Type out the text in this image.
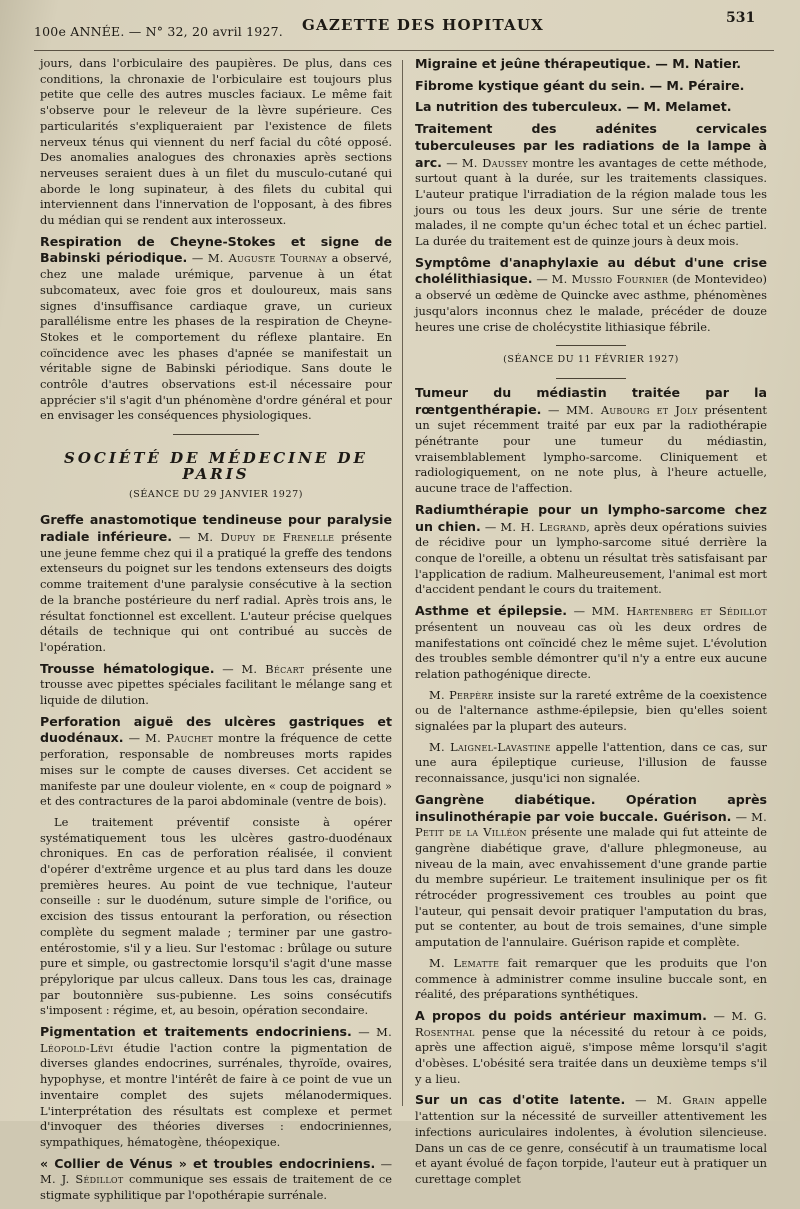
100e ANNÉE. — N° 32, 20 avril 1927. GAZETTE DES HOPITAUX	531

jours, dans l'orbiculaire des paupières. De plus, dans ces conditions, la chronaxie de l'orbiculaire est toujours plus petite que celle des autres muscles faciaux. Le même fait s'observe pour le releveur de la lèvre supérieure. Ces particularités s'expliqueraient par l'existence de filets nerveux ténus qui viennent du nerf facial du côté opposé. Des anomalies analogues des chronaxies après sections nerveuses seraient dues à un filet du musculo-cutané qui aborde le long supinateur, à des filets du cubital qui interviennent dans l'innervation de l'opposant, à des fibres du médian qui se rendent aux interosseux.

Respiration de Cheyne-Stokes et signe de Babinski périodique. — M. Auguste Tournay a observé, chez une malade urémique, parvenue à un état subcomateux, avec foie gros et douloureux, mais sans signes d'insuffisance cardiaque grave, un curieux parallélisme entre les phases de la respiration de Cheyne-Stokes et le comportement du réflexe plantaire. En coïncidence avec les phases d'apnée se manifestait un véritable signe de Babinski périodique. Sans doute le contrôle d'autres observations est-il nécessaire pour apprécier s'il s'agit d'un phénomène d'ordre général et pour en envisager les conséquences physiologiques.

SOCIÉTÉ DE MÉDECINE DE PARIS
(SÉANCE DU 29 JANVIER 1927)

Greffe anastomotique tendineuse pour paralysie radiale inférieure. — M. Dupuy de Frenelle présente une jeune femme chez qui il a pratiqué la greffe des tendons extenseurs du poignet sur les tendons extenseurs des doigts comme traitement d'une paralysie consécutive à la section de la branche postérieure du nerf radial. Après trois ans, le résultat fonctionnel est excellent. L'auteur précise quelques détails de technique qui ont contribué au succès de l'opération.

Trousse hématologique. — M. Bécart présente une trousse avec pipettes spéciales facilitant le mélange sang et liquide de dilution.

Perforation aiguë des ulcères gastriques et duodénaux. — M. Pauchet montre la fréquence de cette perforation, responsable de nombreuses morts rapides mises sur le compte de causes diverses. Cet accident se manifeste par une douleur violente, en « coup de poignard » et des contractures de la paroi abdominale (ventre de bois).

Le traitement préventif consiste à opérer systématiquement tous les ulcères gastro-duodénaux chroniques. En cas de perforation réalisée, il convient d'opérer d'extrême urgence et au plus tard dans les douze premières heures. Au point de vue technique, l'auteur conseille : sur le duodénum, suture simple de l'orifice, ou excision des tissus entourant la perforation, ou résection complète du segment malade ; terminer par une gastro-entérostomie, s'il y a lieu. Sur l'estomac : brûlage ou suture pure et simple, ou gastrectomie lorsqu'il s'agit d'une masse prépylorique par ulcus calleux. Dans tous les cas, drainage par boutonnière sus-pubienne. Les soins consécutifs s'imposent : régime, et, au besoin, opération secondaire.

Pigmentation et traitements endocriniens. — M. Léopold-Lévi étudie l'action contre la pigmentation de diverses glandes endocrines, surrénales, thyroïde, ovaires, hypophyse, et montre l'intérêt de faire à ce point de vue un inventaire complet des sujets mélanodermiques. L'interprétation des résultats est complexe et permet d'invoquer des théories diverses : endocriniennes, sympathiques, hématogène, théopexique.

« Collier de Vénus » et troubles endocriniens. — M. J. Sédillot communique ses essais de traitement de ce stigmate syphilitique par l'opothérapie surrénale.

Migraine et jeûne thérapeutique. — M. Natier.

Fibrome kystique géant du sein. — M. Péraire.

La nutrition des tuberculeux. — M. Melamet.

Traitement des adénites cervicales tuberculeuses par les radiations de la lampe à arc. — M. Daussey montre les avantages de cette méthode, surtout quant à la durée, sur les traitements classiques. L'auteur pratique l'irradiation de la région malade tous les jours ou tous les deux jours. Sur une série de trente malades, il ne compte qu'un échec total et un échec partiel. La durée du traitement est de quinze jours à deux mois.

Symptôme d'anaphylaxie au début d'une crise cholélithiasique. — M. Mussio Fournier (de Montevideo) a observé un œdème de Quincke avec asthme, phénomènes jusqu'alors inconnus chez le malade, précéder de douze heures une crise de cholécystite lithiasique fébrile.

(SÉANCE DU 11 FÉVRIER 1927)

Tumeur du médiastin traitée par la rœntgenthérapie. — MM. Aubourg et Joly présentent un sujet récemment traité par eux par la radiothérapie pénétrante pour une tumeur du médiastin, vraisemblablement lympho-sarcome. Cliniquement et radiologiquement, on ne note plus, à l'heure actuelle, aucune trace de l'affection.

Radiumthérapie pour un lympho-sarcome chez un chien. — M. H. Legrand, après deux opérations suivies de récidive pour un lympho-sarcome situé derrière la conque de l'oreille, a obtenu un résultat très satisfaisant par l'application de radium. Malheureusement, l'animal est mort d'accident pendant le cours du traitement.

Asthme et épilepsie. — MM. Hartenberg et Sédillot présentent un nouveau cas où les deux ordres de manifestations ont coïncidé chez le même sujet. L'évolution des troubles semble démontrer qu'il n'y a entre eux aucune relation pathogénique directe.

M. Perpère insiste sur la rareté extrême de la coexistence ou de l'alternance asthme-épilepsie, bien qu'elles soient signalées par la plupart des auteurs.

M. Laignel-Lavastine appelle l'attention, dans ce cas, sur une aura épileptique curieuse, l'illusion de fausse reconnaissance, jusqu'ici non signalée.

Gangrène diabétique. Opération après insulinothérapie par voie buccale. Guérison. — M. Petit de la Villéon présente une malade qui fut atteinte de gangrène diabétique grave, d'allure phlegmoneuse, au niveau de la main, avec envahissement d'une grande partie du membre supérieur. Le traitement insulinique per os fit rétrocéder progressivement ces troubles au point que l'auteur, qui pensait devoir pratiquer l'amputation du bras, put se contenter, au bout de trois semaines, d'une simple amputation de l'annulaire. Guérison rapide et complète.

M. Lematte fait remarquer que les produits que l'on commence à administrer comme insuline buccale sont, en réalité, des préparations synthétiques.

A propos du poids antérieur maximum. — M. G. Rosenthal pense que la nécessité du retour à ce poids, après une affection aiguë, s'impose même lorsqu'il s'agit d'obèses. L'obésité sera traitée dans un deuxième temps s'il y a lieu.

Sur un cas d'otite latente. — M. Grain appelle l'attention sur la nécessité de surveiller attentivement les infections auriculaires indolentes, à évolution silencieuse. Dans un cas de ce genre, consécutif à un traumatisme local et ayant évolué de façon torpide, l'auteur eut à pratiquer un curettage complet
